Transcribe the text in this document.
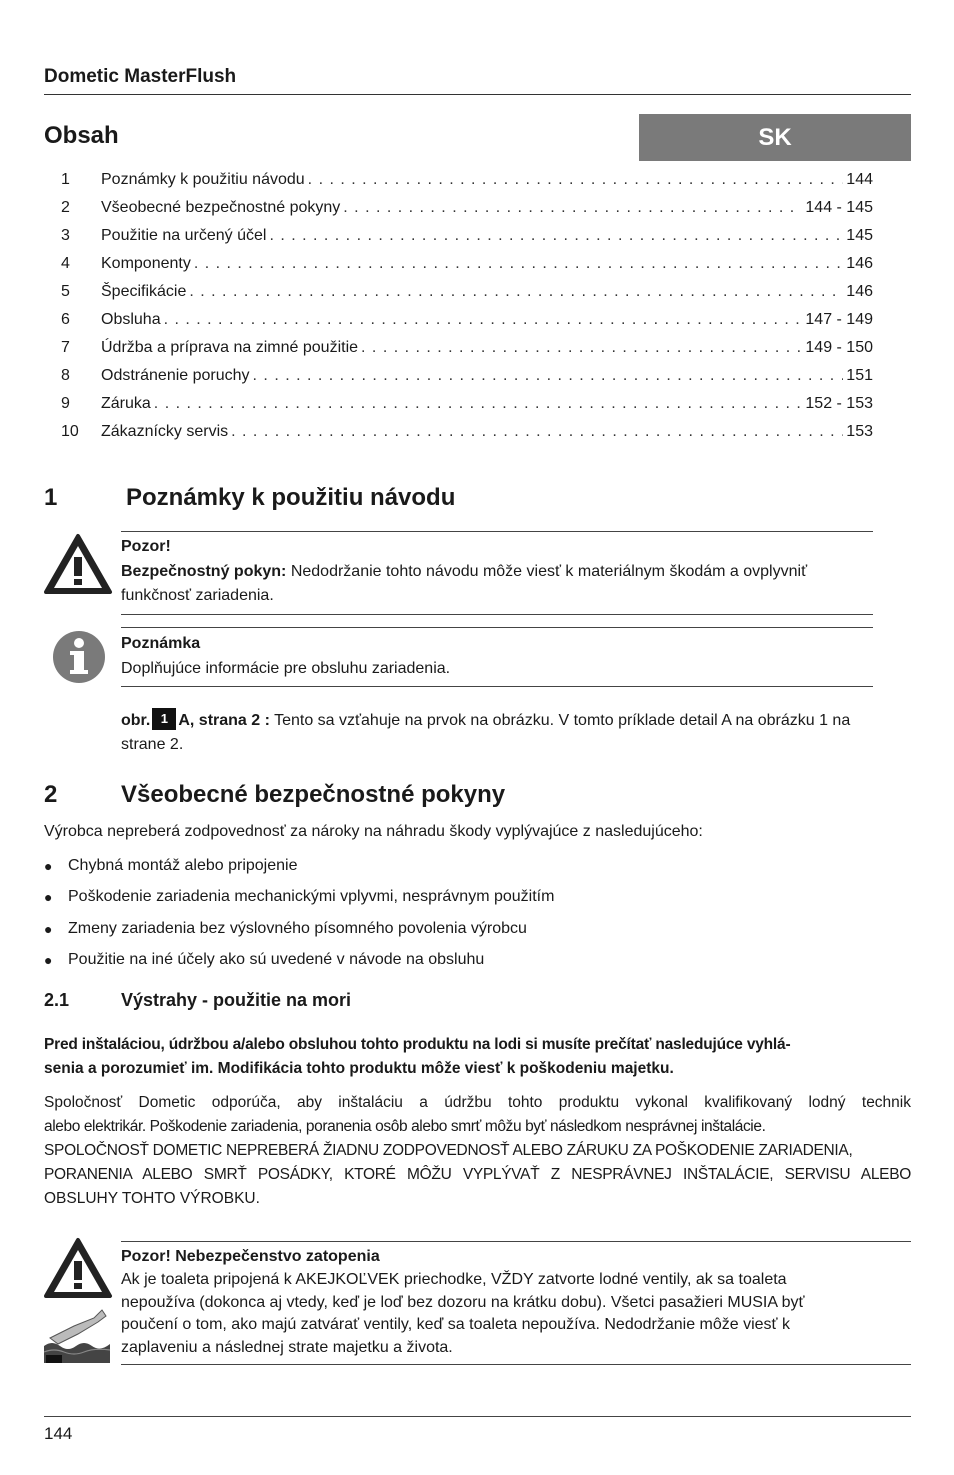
Dometic MasterFlush
Obsah	SK
1	Poznámky k použitiu návodu . . .	144
2	Všeobecné bezpečnostné pokyny . . .	144 - 145
3	Použitie na určený účel . . .	145
4	Komponenty . . .	146
5	Špecifikácie . . .	146
6	Obsluha . . .	147 - 149
7	Údržba a príprava na zimné použitie . . .	149 - 150
8	Odstránenie poruchy . . .	151
9	Záruka . . .	152 - 153
10	Zákaznícky servis . . .	153
1	Poznámky k použitiu návodu
Pozor!
Bezpečnostný pokyn: Nedodržanie tohto návodu môže viesť k materiálnym škodám a ovplyvniť funkčnosť zariadenia.
Poznámka
Doplňujúce informácie pre obsluhu zariadenia.
obr. 1 A, strana 2 : Tento sa vzťahuje na prvok na obrázku. V tomto príklade detail A na obrázku 1 na strane 2.
2	Všeobecné bezpečnostné pokyny
Výrobca nepreberá zodpovednosť za nároky na náhradu škody vyplývajúce z nasledujúceho:
● Chybná montáž alebo pripojenie
● Poškodenie zariadenia mechanickými vplyvmi, nesprávnym použitím
● Zmeny zariadenia bez výslovného písomného povolenia výrobcu
● Použitie na iné účely ako sú uvedené v návode na obsluhu
2.1	Výstrahy - použitie na mori
Pred inštaláciou, údržbou a/alebo obsluhou tohto produktu na lodi si musíte prečítať nasledujúce vyhlá-
senia a porozumieť im. Modifikácia tohto produktu môže viesť k poškodeniu majetku.
Spoločnosť Dometic odporúča, aby inštaláciu a údržbu tohto produktu vykonal kvalifikovaný lodný technik
alebo elektrikár. Poškodenie zariadenia, poranenia osôb alebo smrť môžu byť následkom nesprávnej inštalácie.
SPOLOČNOSŤ DOMETIC NEPREBERÁ ŽIADNU ZODPOVEDNOSŤ ALEBO ZÁRUKU ZA POŠKODENIE ZARIADENIA,
PORANENIA ALEBO SMRŤ POSÁDKY, KTORÉ MÔŽU VYPLÝVAŤ Z NESPRÁVNEJ INŠTALÁCIE, SERVISU ALEBO
OBSLUHY TOHTO VÝROBKU.
Pozor! Nebezpečenstvo zatopenia
Ak je toaleta pripojená k AKEJKOĽVEK priechodke, VŽDY zatvorte lodné ventily, ak sa toaleta
nepoužíva (dokonca aj vtedy, keď je loď bez dozoru na krátku dobu). Všetci pasažieri MUSIA byť
poučení o tom, ako majú zatvárať ventily, keď sa toaleta nepoužíva. Nedodržanie môže viesť k
zaplaveniu a následnej strate majetku a života.
144
